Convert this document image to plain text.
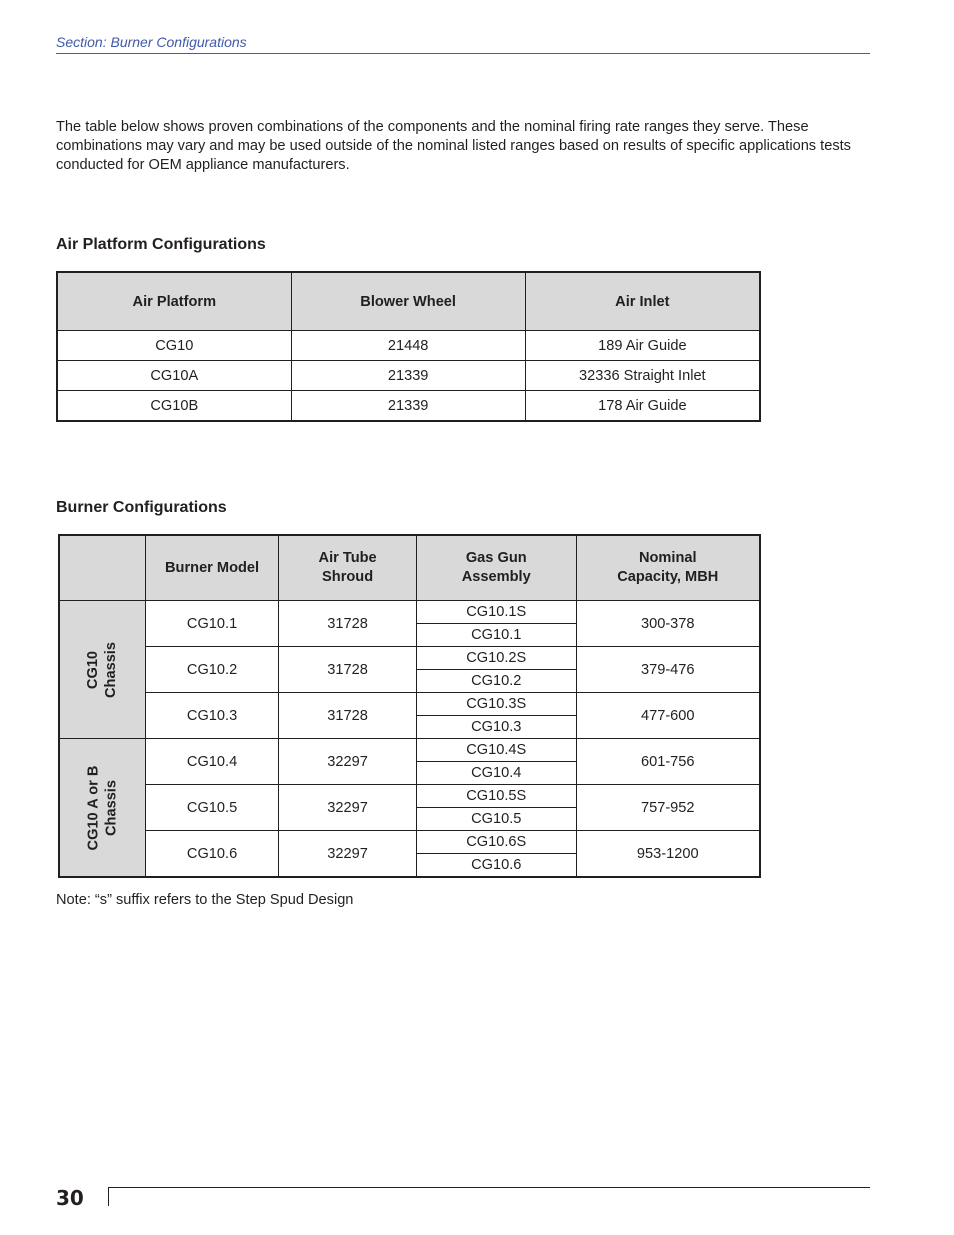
Section: Burner Configurations

The table below shows proven combinations of the components and the nominal firing rate ranges they serve. These combinations may vary and may be used outside of the nominal listed ranges based on results of specific applications tests conducted for OEM appliance manufacturers.

Air Platform Configurations
Air Platform	Blower Wheel	Air Inlet
CG10	21448	189 Air Guide
CG10A	21339	32336 Straight Inlet
CG10B	21339	178 Air Guide
Burner Configurations
	Burner Model	Air Tube Shroud	Gas Gun Assembly	Nominal Capacity, MBH

CG10 Chassis	CG10.1	31728	CG10.1S	300-378
			CG10.1	
	CG10.2	31728	CG10.2S	379-476
			CG10.2	
	CG10.3	31728	CG10.3S	477-600
			CG10.3	

CG10 A or B Chassis	CG10.4	32297	CG10.4S	601-756
			CG10.4	
	CG10.5	32297	CG10.5S	757-952
			CG10.5	
	CG10.6	32297	CG10.6S	953-1200
			CG10.6	

Note: “s” suffix refers to the Step Spud Design

30
